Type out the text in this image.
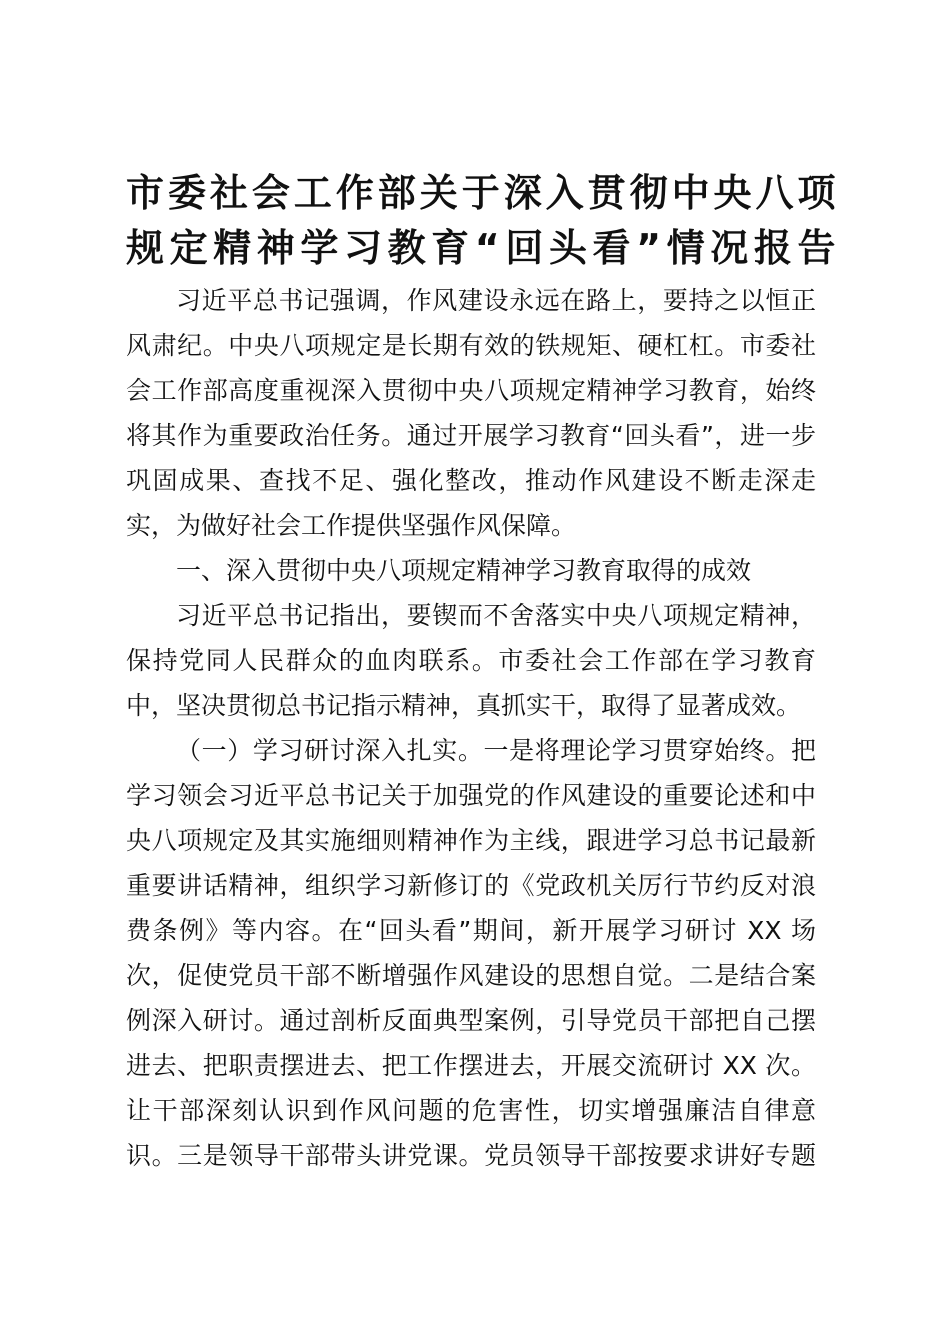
市委社会工作部关于深入贯彻中央八项
规定精神学习教育“回头看”情况报告
习近平总书记强调，作风建设永远在路上，要持之以恒正
风肃纪。中央八项规定是长期有效的铁规矩、硬杠杠。市委社
会工作部高度重视深入贯彻中央八项规定精神学习教育，始终
将其作为重要政治任务。通过开展学习教育“回头看”，进一步
巩固成果、查找不足、强化整改，推动作风建设不断走深走
实，为做好社会工作提供坚强作风保障。
一、深入贯彻中央八项规定精神学习教育取得的成效
习近平总书记指出，要锲而不舍落实中央八项规定精神，
保持党同人民群众的血肉联系。市委社会工作部在学习教育
中，坚决贯彻总书记指示精神，真抓实干，取得了显著成效。
（一）学习研讨深入扎实。一是将理论学习贯穿始终。把
学习领会习近平总书记关于加强党的作风建设的重要论述和中
央八项规定及其实施细则精神作为主线，跟进学习总书记最新
重要讲话精神，组织学习新修订的《党政机关厉行节约反对浪
费条例》等内容。在“回头看”期间，新开展学习研讨 XX 场
次，促使党员干部不断增强作风建设的思想自觉。二是结合案
例深入研讨。通过剖析反面典型案例，引导党员干部把自己摆
进去、把职责摆进去、把工作摆进去，开展交流研讨 XX 次。
让干部深刻认识到作风问题的危害性，切实增强廉洁自律意
识。三是领导干部带头讲党课。党员领导干部按要求讲好专题
